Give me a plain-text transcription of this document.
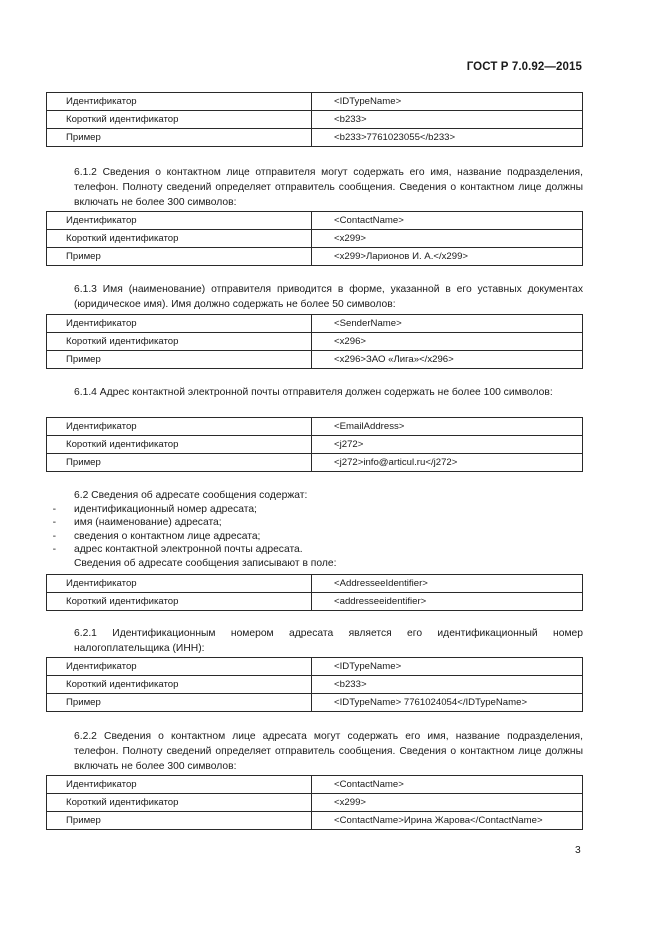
ГОСТ Р 7.0.92—2015
Идентификатор	<IDTypeName>
Короткий идентификатор	<b233>
Пример	<b233>7761023055</b233>
6.1.2 Сведения о контактном лице отправителя могут содержать его имя, название подразделения, телефон. Полноту сведений определяет отправитель сообщения. Сведения о контактном лице должны включать не более 300 символов:
Идентификатор	<ContactName>
Короткий идентификатор	<x299>
Пример	<x299>Ларионов И. А.</x299>
6.1.3 Имя (наименование) отправителя приводится в форме, указанной в его уставных документах (юридическое имя). Имя должно содержать не более 50 символов:
Идентификатор	<SenderName>
Короткий идентификатор	<x296>
Пример	<x296>ЗАО «Лига»</x296>
6.1.4 Адрес контактной электронной почты отправителя должен содержать не более 100 символов:
Идентификатор	<EmailAddress>
Короткий идентификатор	<j272>
Пример	<j272>info@articul.ru</j272>
6.2 Сведения об адресате сообщения содержат:
- идентификационный номер адресата;
- имя (наименование) адресата;
- сведения о контактном лице адресата;
- адрес контактной электронной почты адресата.
Сведения об адресате сообщения записывают в поле:
Идентификатор	<AddresseeIdentifier>
Короткий идентификатор	<addresseeidentifier>
6.2.1 Идентификационным номером адресата является его идентификационный номер налогоплательщика (ИНН):
Идентификатор	<IDTypeName>
Короткий идентификатор	<b233>
Пример	<IDTypeName> 7761024054</IDTypeName>
6.2.2 Сведения о контактном лице адресата могут содержать его имя, название подразделения, телефон. Полноту сведений определяет отправитель сообщения. Сведения о контактном лице должны включать не более 300 символов:
Идентификатор	<ContactName>
Короткий идентификатор	<x299>
Пример	<ContactName>Ирина Жарова</ContactName>
3
